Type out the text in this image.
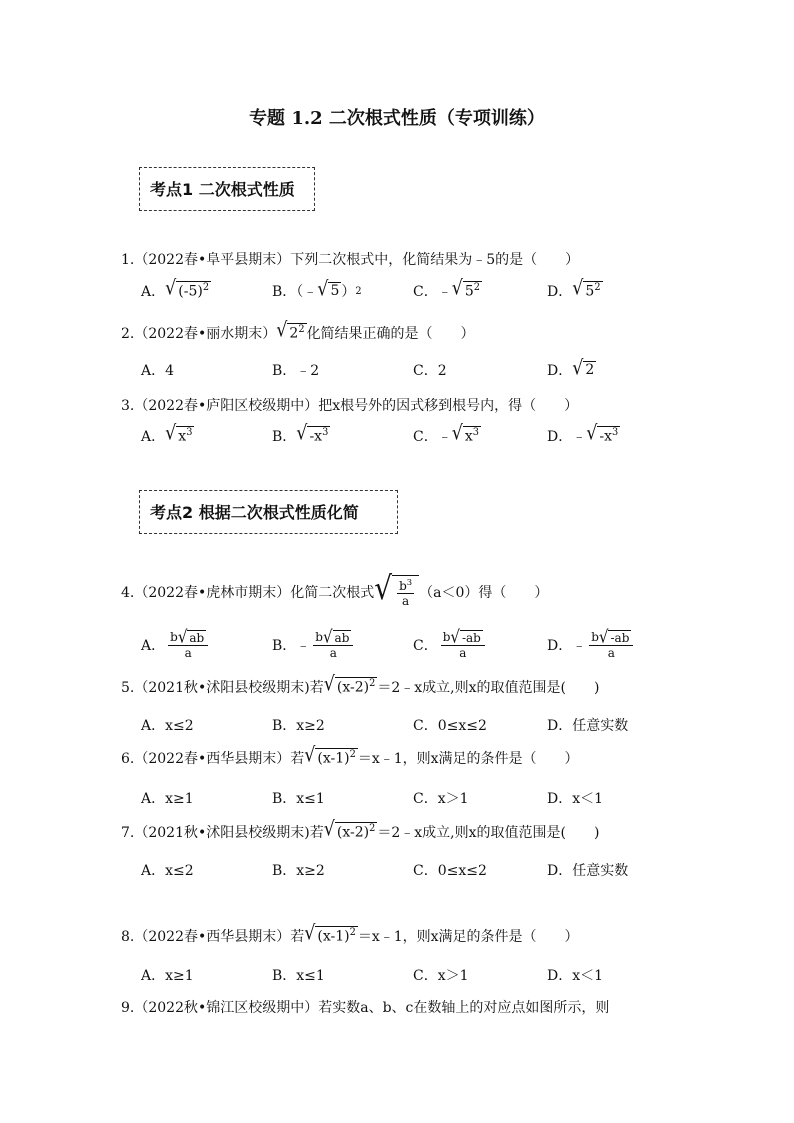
专题 1.2 二次根式性质（专项训练）
考点1 二次根式性质
1.（2022春•阜平县期末）下列二次根式中，化简结果为﹣5的是（　　）
A． √ $(-5)^2$	B．（﹣ √ 5 ） 2	C．﹣ √ $5^2$	D． √ $5^2$
2.（2022春•丽水期末） √ $2^2$ 化简结果正确的是（　　）
A．4	B．﹣2	C．2	D． √ 2
3.（2022春•庐阳区校级期中）把x根号外的因式移到根号内，得（　　）
A． √ $x^3$	B． √ $-x^3$	C．﹣ √ $x^3$	D．﹣ √ $-x^3$
考点2 根据二次根式性质化简
4.（2022春•虎林市期末）化简二次根式 √ $\frac{b^3}{a} (a<0)$得（　　）
A． $\frac{b √ ab}{a}$	B．﹣ $\frac{b √ ab}{a}$	C． $\frac{b √ -ab}{a}$	D．﹣ $\frac{b √ -ab}{a}$
5.（2021秋•沭阳县校级期末)若 √ $(x-2)^2$ ＝2﹣x成立,则x的取值范围是(　　)
A．x≤2	B．x≥2	C．0≤x≤2	D．任意实数
6.（2022春•西华县期末）若 √ $(x-1)^2$ ＝x﹣1，则x满足的条件是（　　）
A．x≥1	B．x≤1	C．x＞1	D．x＜1
7.（2021秋•沭阳县校级期末)若 √ $(x-2)^2$ ＝2﹣x成立,则x的取值范围是(　　)
A．x≤2	B．x≥2	C．0≤x≤2	D．任意实数
8.（2022春•西华县期末）若 √ $(x-1)^2$ ＝x﹣1，则x满足的条件是（　　）
A．x≥1	B．x≤1	C．x＞1	D．x＜1
9.（2022秋•锦江区校级期中）若实数a、b、c在数轴上的对应点如图所示，则
